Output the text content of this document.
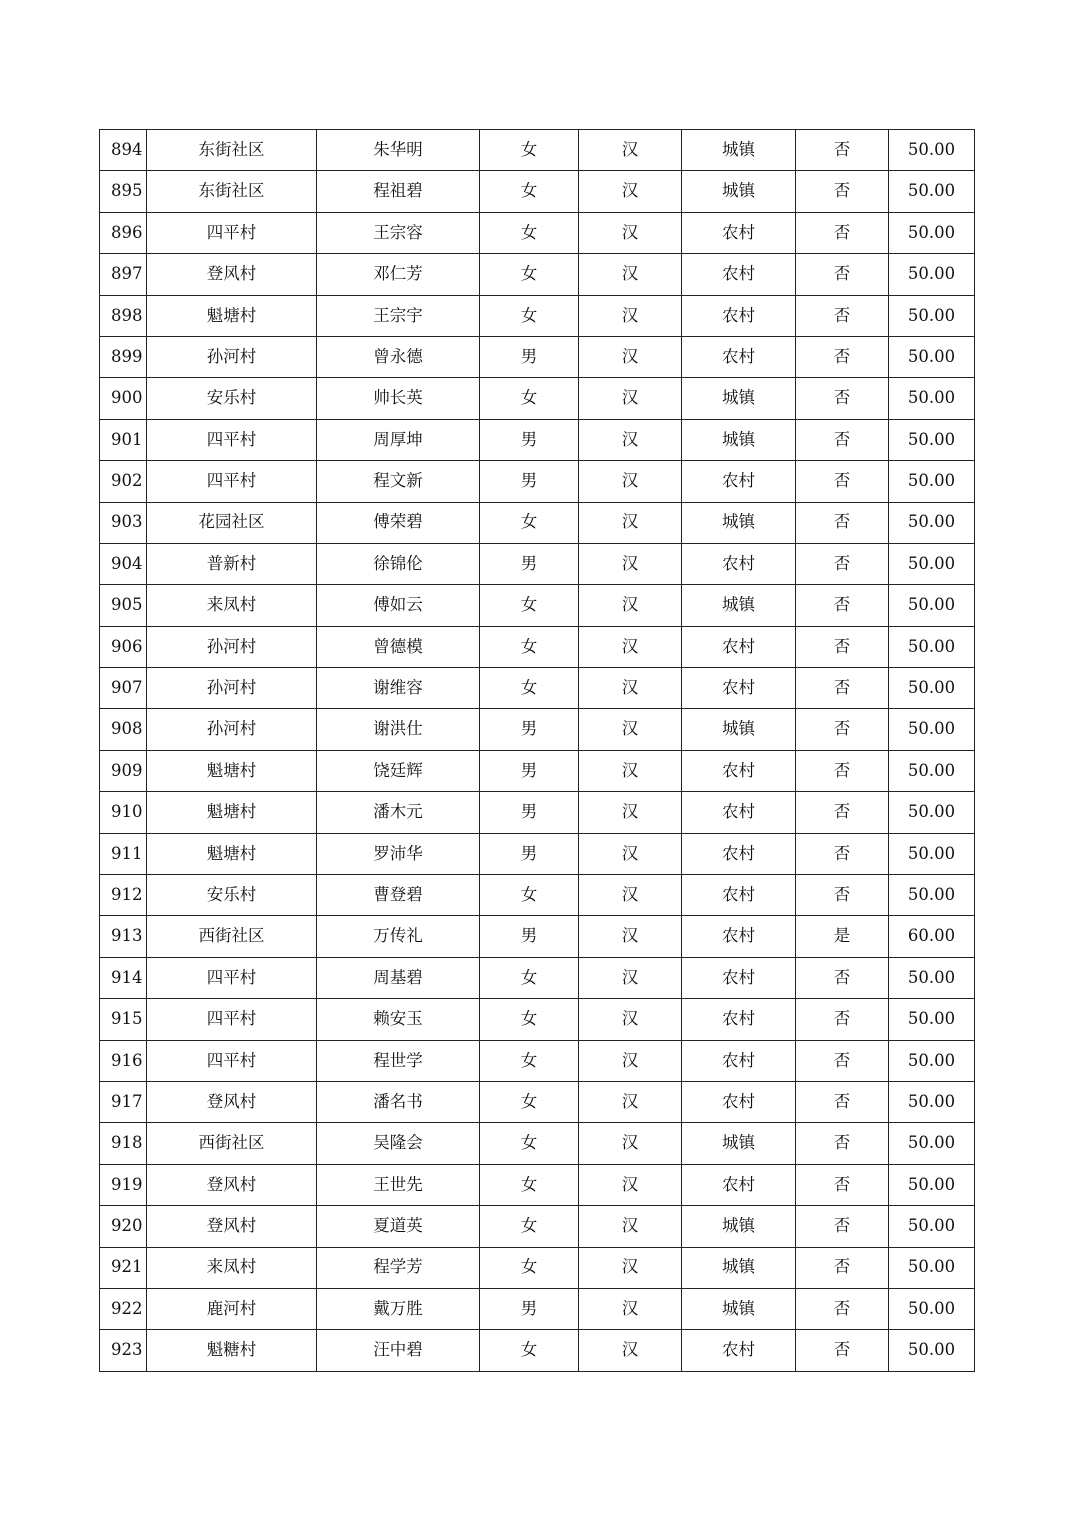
894	东街社区	朱华明	女	汉	城镇	否	50.00
895	东街社区	程祖碧	女	汉	城镇	否	50.00
896	四平村	王宗容	女	汉	农村	否	50.00
897	登风村	邓仁芳	女	汉	农村	否	50.00
898	魁塘村	王宗宇	女	汉	农村	否	50.00
899	孙河村	曾永德	男	汉	农村	否	50.00
900	安乐村	帅长英	女	汉	城镇	否	50.00
901	四平村	周厚坤	男	汉	城镇	否	50.00
902	四平村	程文新	男	汉	农村	否	50.00
903	花园社区	傅荣碧	女	汉	城镇	否	50.00
904	普新村	徐锦伦	男	汉	农村	否	50.00
905	来凤村	傅如云	女	汉	城镇	否	50.00
906	孙河村	曾德模	女	汉	农村	否	50.00
907	孙河村	谢维容	女	汉	农村	否	50.00
908	孙河村	谢洪仕	男	汉	城镇	否	50.00
909	魁塘村	饶廷辉	男	汉	农村	否	50.00
910	魁塘村	潘木元	男	汉	农村	否	50.00
911	魁塘村	罗沛华	男	汉	农村	否	50.00
912	安乐村	曹登碧	女	汉	农村	否	50.00
913	西街社区	万传礼	男	汉	农村	是	60.00
914	四平村	周基碧	女	汉	农村	否	50.00
915	四平村	赖安玉	女	汉	农村	否	50.00
916	四平村	程世学	女	汉	农村	否	50.00
917	登风村	潘名书	女	汉	农村	否	50.00
918	西街社区	吴隆会	女	汉	城镇	否	50.00
919	登风村	王世先	女	汉	农村	否	50.00
920	登风村	夏道英	女	汉	城镇	否	50.00
921	来凤村	程学芳	女	汉	城镇	否	50.00
922	鹿河村	戴万胜	男	汉	城镇	否	50.00
923	魁糖村	汪中碧	女	汉	农村	否	50.00
